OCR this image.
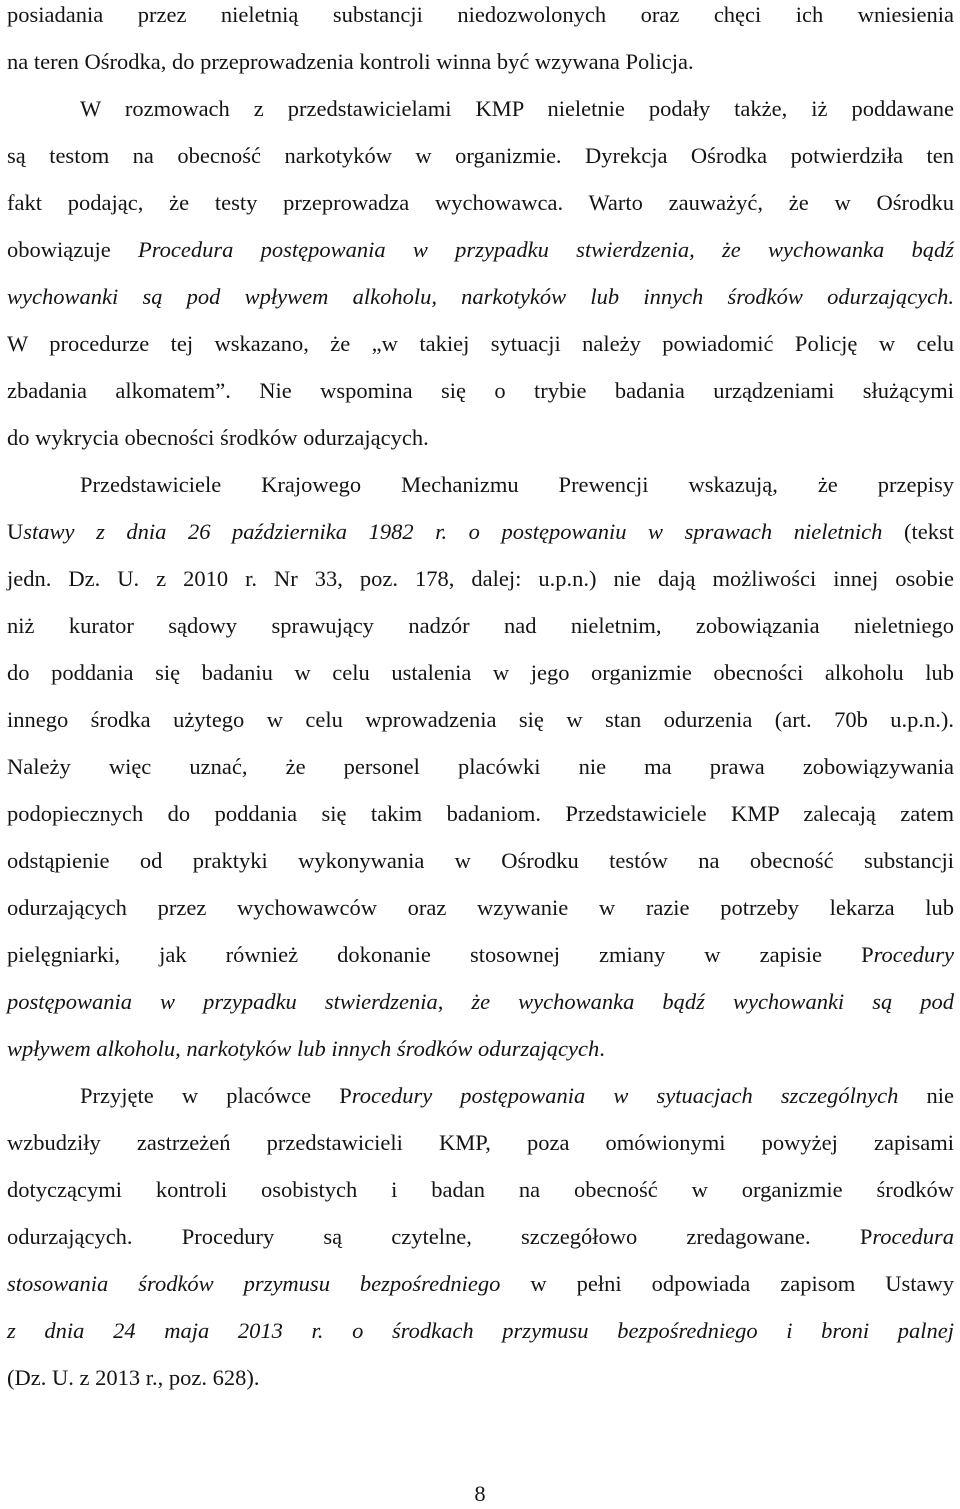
posiadania przez nieletnią substancji niedozwolonych oraz chęci ich wniesienia
na teren Ośrodka, do przeprowadzenia kontroli winna być wzywana Policja.
W rozmowach z przedstawicielami KMP nieletnie podały także, iż poddawane
są testom na obecność narkotyków w organizmie. Dyrekcja Ośrodka potwierdziła ten
fakt podając, że testy przeprowadza wychowawca. Warto zauważyć, że w Ośrodku
obowiązuje Procedura postępowania w przypadku stwierdzenia, że wychowanka bądź
wychowanki są pod wpływem alkoholu, narkotyków lub innych środków odurzających.
W procedurze tej wskazano, że „w takiej sytuacji należy powiadomić Policję w celu
zbadania alkomatem”. Nie wspomina się o trybie badania urządzeniami służącymi
do wykrycia obecności środków odurzających.
Przedstawiciele Krajowego Mechanizmu Prewencji wskazują, że przepisy
Ustawy z dnia 26 października 1982 r. o postępowaniu w sprawach nieletnich (tekst
jedn. Dz. U. z 2010 r. Nr 33, poz. 178, dalej: u.p.n.) nie dają możliwości innej osobie
niż kurator sądowy sprawujący nadzór nad nieletnim, zobowiązania nieletniego
do poddania się badaniu w celu ustalenia w jego organizmie obecności alkoholu lub
innego środka użytego w celu wprowadzenia się w stan odurzenia (art. 70b u.p.n.).
Należy więc uznać, że personel placówki nie ma prawa zobowiązywania
podopiecznych do poddania się takim badaniom. Przedstawiciele KMP zalecają zatem
odstąpienie od praktyki wykonywania w Ośrodku testów na obecność substancji
odurzających przez wychowawców oraz wzywanie w razie potrzeby lekarza lub
pielęgniarki, jak również dokonanie stosownej zmiany w zapisie Procedury
postępowania w przypadku stwierdzenia, że wychowanka bądź wychowanki są pod
wpływem alkoholu, narkotyków lub innych środków odurzających.
Przyjęte w placówce Procedury postępowania w sytuacjach szczególnych nie
wzbudziły zastrzeżeń przedstawicieli KMP, poza omówionymi powyżej zapisami
dotyczącymi kontroli osobistych i badan na obecność w organizmie środków
odurzających. Procedury są czytelne, szczegółowo zredagowane. Procedura
stosowania środków przymusu bezpośredniego w pełni odpowiada zapisom Ustawy
z dnia 24 maja 2013 r. o środkach przymusu bezpośredniego i broni palnej
(Dz. U. z 2013 r., poz. 628).
8
